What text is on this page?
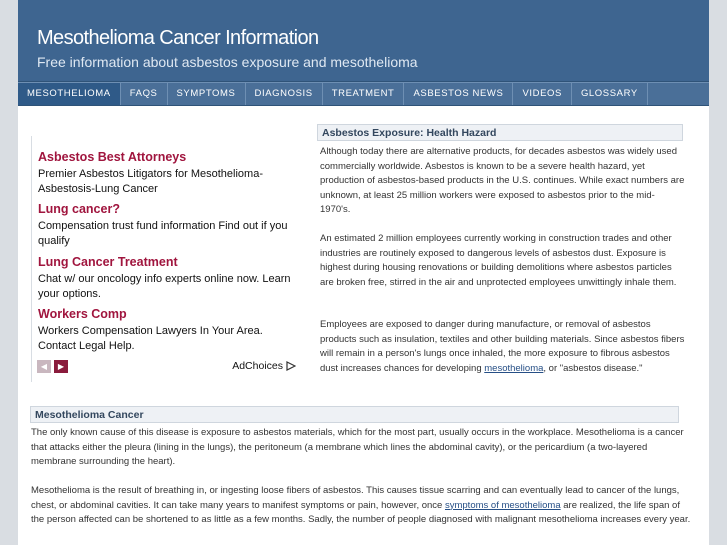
Mesothelioma Cancer Information
Free information about asbestos exposure and mesothelioma
MESOTHELIOMA	FAQS	SYMPTOMS	DIAGNOSIS	TREATMENT	ASBESTOS NEWS	VIDEOS	GLOSSARY
Asbestos Best Attorneys
Premier Asbestos Litigators for Mesothelioma-Asbestosis-Lung Cancer
Lung cancer?
Compensation trust fund information Find out if you qualify
Lung Cancer Treatment
Chat w/ our oncology info experts online now. Learn your options.
Workers Comp
Workers Compensation Lawyers In Your Area. Contact Legal Help.
◀	▶	AdChoices
Asbestos Exposure: Health Hazard

Although today there are alternative products, for decades asbestos was widely used commercially worldwide. Asbestos is known to be a severe health hazard, yet production of asbestos-based products in the U.S. continues. While exact numbers are unknown, at least 25 million workers were exposed to asbestos prior to the mid-1970's.

An estimated 2 million employees currently working in construction trades and other industries are routinely exposed to dangerous levels of asbestos dust. Exposure is highest during housing renovations or building demolitions where asbestos particles are broken free, stirred in the air and unprotected employees unwittingly inhale them.

Employees are exposed to danger during manufacture, or removal of asbestos products such as insulation, textiles and other building materials. Since asbestos fibers will remain in a person's lungs once inhaled, the more exposure to fibrous asbestos dust increases chances for developing mesothelioma, or "asbestos disease."

Mesothelioma Cancer

The only known cause of this disease is exposure to asbestos materials, which for the most part, usually occurs in the workplace. Mesothelioma is a cancer that attacks either the pleura (lining in the lungs), the peritoneum (a membrane which lines the abdominal cavity), or the pericardium (a two-layered membrane surrounding the heart).

Mesothelioma is the result of breathing in, or ingesting loose fibers of asbestos. This causes tissue scarring and can eventually lead to cancer of the lungs, chest, or abdominal cavities. It can take many years to manifest symptoms or pain, however, once symptoms of mesothelioma are realized, the life span of the person affected can be shortened to as little as a few months. Sadly, the number of people diagnosed with malignant mesothelioma increases every year.
